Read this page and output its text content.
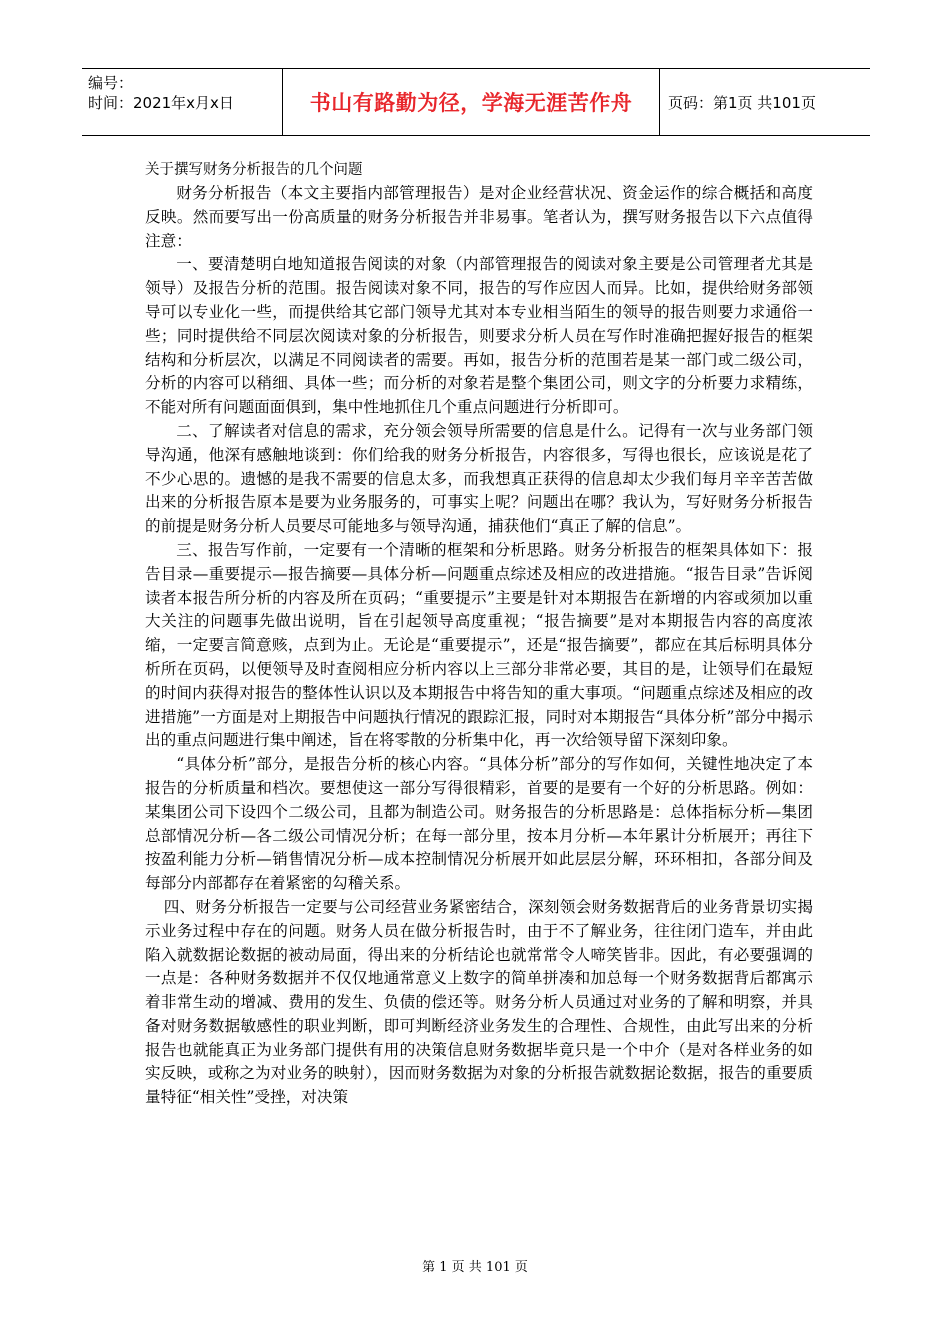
编号：
时间：2021年x月x日	书山有路勤为径，学海无涯苦作舟	页码：第1页 共101页

关于撰写财务分析报告的几个问题

财务分析报告（本文主要指内部管理报告）是对企业经营状况、资金运作的综合概括和高度反映。然而要写出一份高质量的财务分析报告并非易事。笔者认为，撰写财务报告以下六点值得注意：

一、要清楚明白地知道报告阅读的对象（内部管理报告的阅读对象主要是公司管理者尤其是领导）及报告分析的范围。报告阅读对象不同，报告的写作应因人而异。比如，提供给财务部领导可以专业化一些，而提供给其它部门领导尤其对本专业相当陌生的领导的报告则要力求通俗一些；同时提供给不同层次阅读对象的分析报告，则要求分析人员在写作时准确把握好报告的框架结构和分析层次，以满足不同阅读者的需要。再如，报告分析的范围若是某一部门或二级公司，分析的内容可以稍细、具体一些；而分析的对象若是整个集团公司，则文字的分析要力求精练，不能对所有问题面面俱到，集中性地抓住几个重点问题进行分析即可。

二、了解读者对信息的需求，充分领会领导所需要的信息是什么。记得有一次与业务部门领导沟通，他深有感触地谈到：你们给我的财务分析报告，内容很多，写得也很长，应该说是花了不少心思的。遗憾的是我不需要的信息太多，而我想真正获得的信息却太少我们每月辛辛苦苦做出来的分析报告原本是要为业务服务的，可事实上呢？问题出在哪？我认为，写好财务分析报告的前提是财务分析人员要尽可能地多与领导沟通，捕获他们“真正了解的信息”。

三、报告写作前，一定要有一个清晰的框架和分析思路。财务分析报告的框架具体如下：报告目录—重要提示—报告摘要—具体分析—问题重点综述及相应的改进措施。“报告目录”告诉阅读者本报告所分析的内容及所在页码；“重要提示”主要是针对本期报告在新增的内容或须加以重大关注的问题事先做出说明，旨在引起领导高度重视；“报告摘要”是对本期报告内容的高度浓缩，一定要言简意赅，点到为止。无论是“重要提示”，还是“报告摘要”，都应在其后标明具体分析所在页码，以便领导及时查阅相应分析内容以上三部分非常必要，其目的是，让领导们在最短的时间内获得对报告的整体性认识以及本期报告中将告知的重大事项。“问题重点综述及相应的改进措施”一方面是对上期报告中问题执行情况的跟踪汇报，同时对本期报告“具体分析”部分中揭示出的重点问题进行集中阐述，旨在将零散的分析集中化，再一次给领导留下深刻印象。

“具体分析”部分，是报告分析的核心内容。“具体分析”部分的写作如何，关键性地决定了本报告的分析质量和档次。要想使这一部分写得很精彩，首要的是要有一个好的分析思路。例如：某集团公司下设四个二级公司，且都为制造公司。财务报告的分析思路是：总体指标分析—集团总部情况分析—各二级公司情况分析；在每一部分里，按本月分析—本年累计分析展开；再往下按盈利能力分析—销售情况分析—成本控制情况分析展开如此层层分解，环环相扣，各部分间及每部分内部都存在着紧密的勾稽关系。

四、财务分析报告一定要与公司经营业务紧密结合，深刻领会财务数据背后的业务背景切实揭示业务过程中存在的问题。财务人员在做分析报告时，由于不了解业务，往往闭门造车，并由此陷入就数据论数据的被动局面，得出来的分析结论也就常常令人啼笑皆非。因此，有必要强调的一点是：各种财务数据并不仅仅地通常意义上数字的简单拼凑和加总每一个财务数据背后都寓示着非常生动的增减、费用的发生、负债的偿还等。财务分析人员通过对业务的了解和明察，并具备对财务数据敏感性的职业判断，即可判断经济业务发生的合理性、合规性，由此写出来的分析报告也就能真正为业务部门提供有用的决策信息财务数据毕竟只是一个中介（是对各样业务的如实反映，或称之为对业务的映射），因而财务数据为对象的分析报告就数据论数据，报告的重要质量特征“相关性”受挫，对决策

第 1 页 共 101 页
